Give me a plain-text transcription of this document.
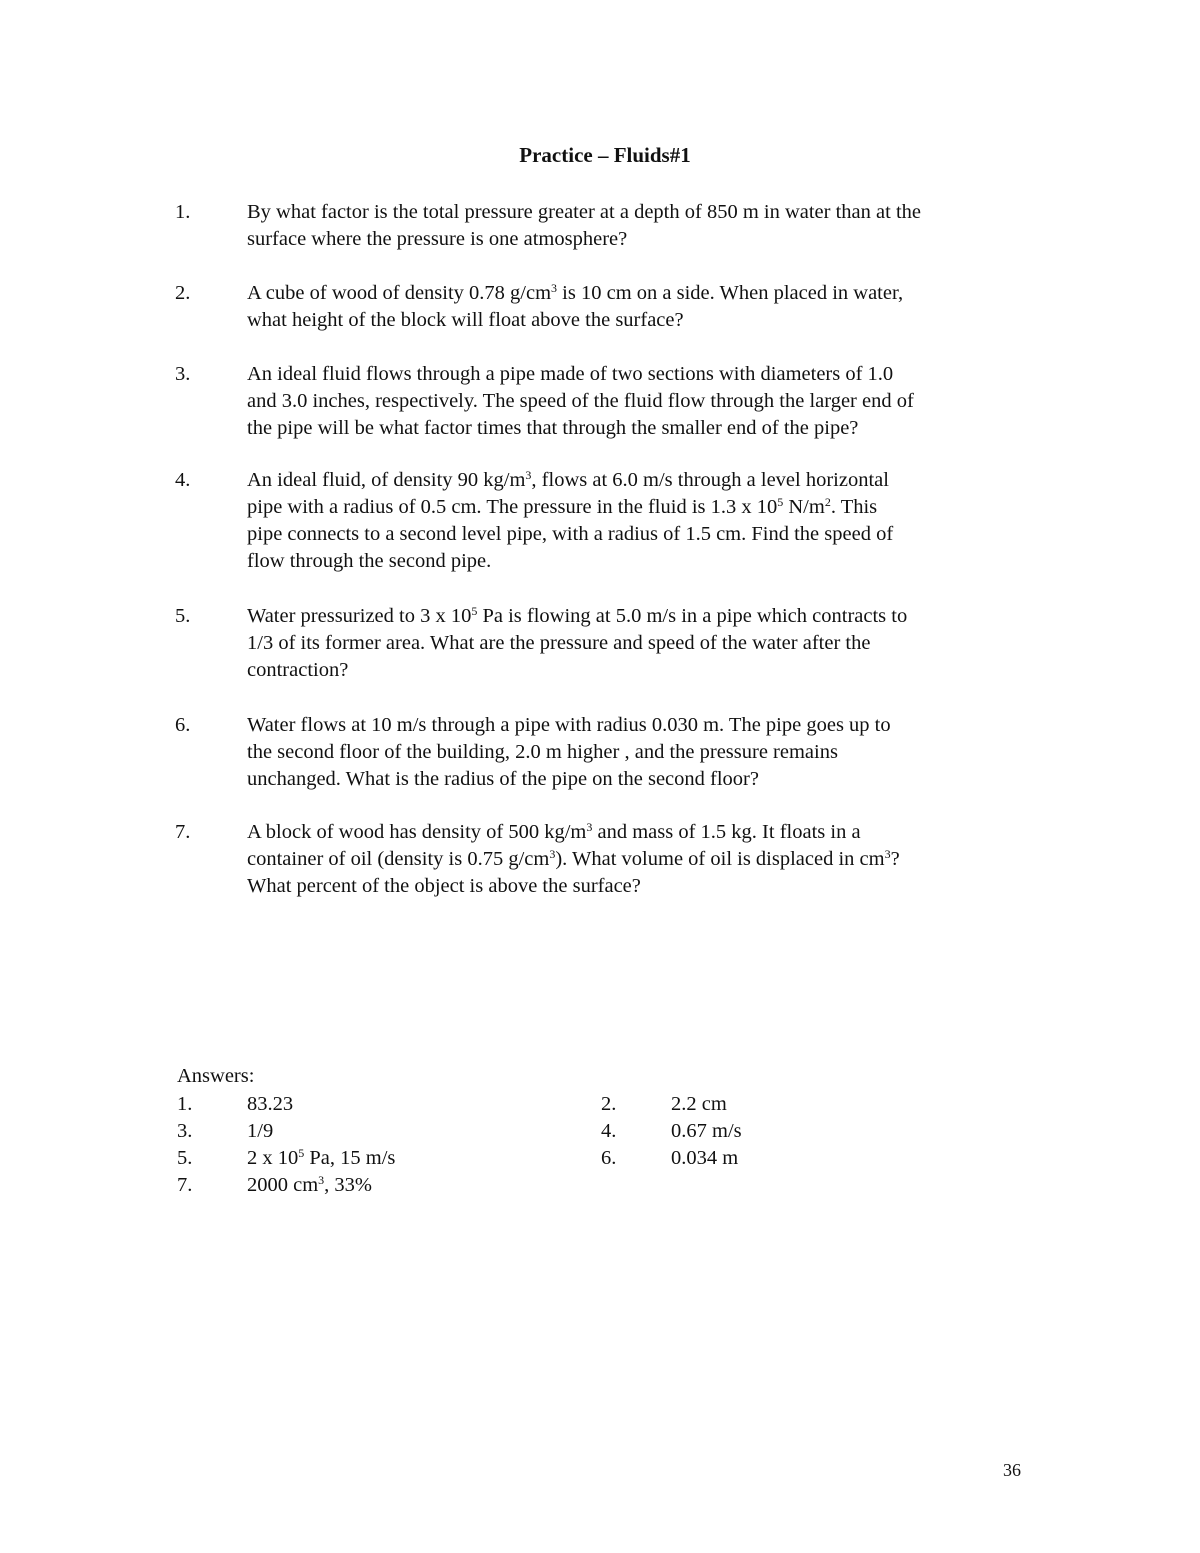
Practice – Fluids#1
1.	By what factor is the total pressure greater at a depth of 850 m in water than at the
surface where the pressure is one atmosphere?
2.	A cube of wood of density 0.78 $g/cm^3$ is 10 cm on a side. When placed in water,
what height of the block will float above the surface?
3.	An ideal fluid flows through a pipe made of two sections with diameters of 1.0
and 3.0 inches, respectively. The speed of the fluid flow through the larger end of
the pipe will be what factor times that through the smaller end of the pipe?
4.	An ideal fluid, of density 90 $kg/m^3$, flows at 6.0 m/s through a level horizontal
pipe with a radius of 0.5 cm. The pressure in the fluid is 1.3 x $10^5$ $N/m^2$. This
pipe connects to a second level pipe, with a radius of 1.5 cm. Find the speed of
flow through the second pipe.
5.	Water pressurized to 3 x $10^5$ Pa is flowing at 5.0 m/s in a pipe which contracts to
1/3 of its former area. What are the pressure and speed of the water after the
contraction?
6.	Water flows at 10 m/s through a pipe with radius 0.030 m. The pipe goes up to
the second floor of the building, 2.0 m higher , and the pressure remains
unchanged. What is the radius of the pipe on the second floor?
7.	A block of wood has density of 500 $kg/m^3$ and mass of 1.5 kg. It floats in a
container of oil (density is 0.75 $g/cm^3$). What volume of oil is displaced in $cm^3$?
What percent of the object is above the surface?
Answers:
1.	83.23	2.	2.2 cm
3.	1/9	4.	0.67 m/s
5.	2 x $10^5$ Pa, 15 m/s	6.	0.034 m
7.	2000 $cm^3$, 33%
36
